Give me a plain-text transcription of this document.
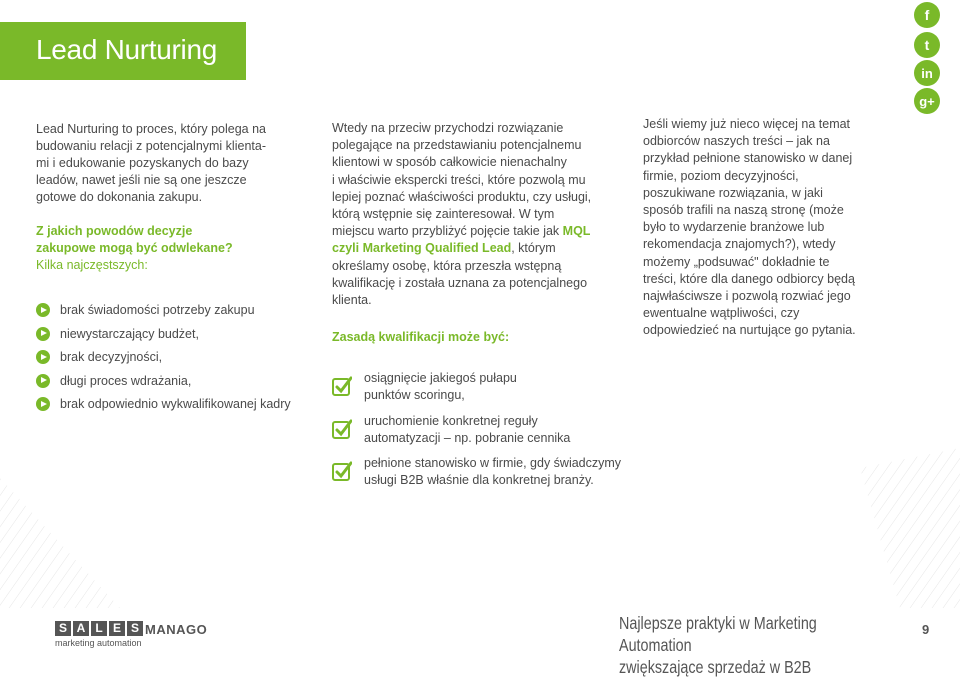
Lead Nurturing
f
t
in
g+

Lead Nurturing to proces, który polega na

budowaniu relacji z potencjalnymi klienta-

mi i edukowanie pozyskanych do bazy

leadów, nawet jeśli nie są one jeszcze

gotowe do dokonania zakupu.

Z jakich powodów decyzje

zakupowe mogą być odwlekane?

Kilka najczęstszych:

brak świadomości potrzeby zakupu
niewystarczający budżet,
brak decyzyjności,
długi proces wdrażania,
brak odpowiednio wykwalifikowanej kadry

Wtedy na przeciw przychodzi rozwiązanie

polegające na przedstawianiu potencjalnemu

klientowi w sposób całkowicie nienachalny

i właściwie ekspercki treści, które pozwolą mu

lepiej poznać właściwości produktu, czy usługi,

którą wstępnie się zainteresował. W tym

miejscu warto przybliżyć pojęcie takie jak MQL

czyli Marketing Qualified Lead, którym

określamy osobę, która przeszła wstępną

kwalifikację i została uznana za potencjalnego

klienta.

Zasadą kwalifikacji może być:

osiągnięcie jakiegoś pułapu
punktów scoringu,
uruchomienie konkretnej reguły
automatyzacji – np. pobranie cennika
pełnione stanowisko w firmie, gdy świadczymy
usługi B2B właśnie dla konkretnej branży.

Jeśli wiemy już nieco więcej na temat

odbiorców naszych treści – jak na

przykład pełnione stanowisko w danej

firmie, poziom decyzyjności,

poszukiwane rozwiązania, w jaki

sposób trafili na naszą stronę (może

było to wydarzenie branżowe lub

rekomendacja znajomych?), wtedy

możemy „podsuwać" dokładnie te

treści, które dla danego odbiorcy będą

najwłaściwsze i pozwolą rozwiać jego

ewentualne wątpliwości, czy

odpowiedzieć na nurtujące go pytania.

S A L E S MANAGO
marketing automation
Najlepsze praktyki w Marketing Automation
zwiększające sprzedaż w B2B
9
